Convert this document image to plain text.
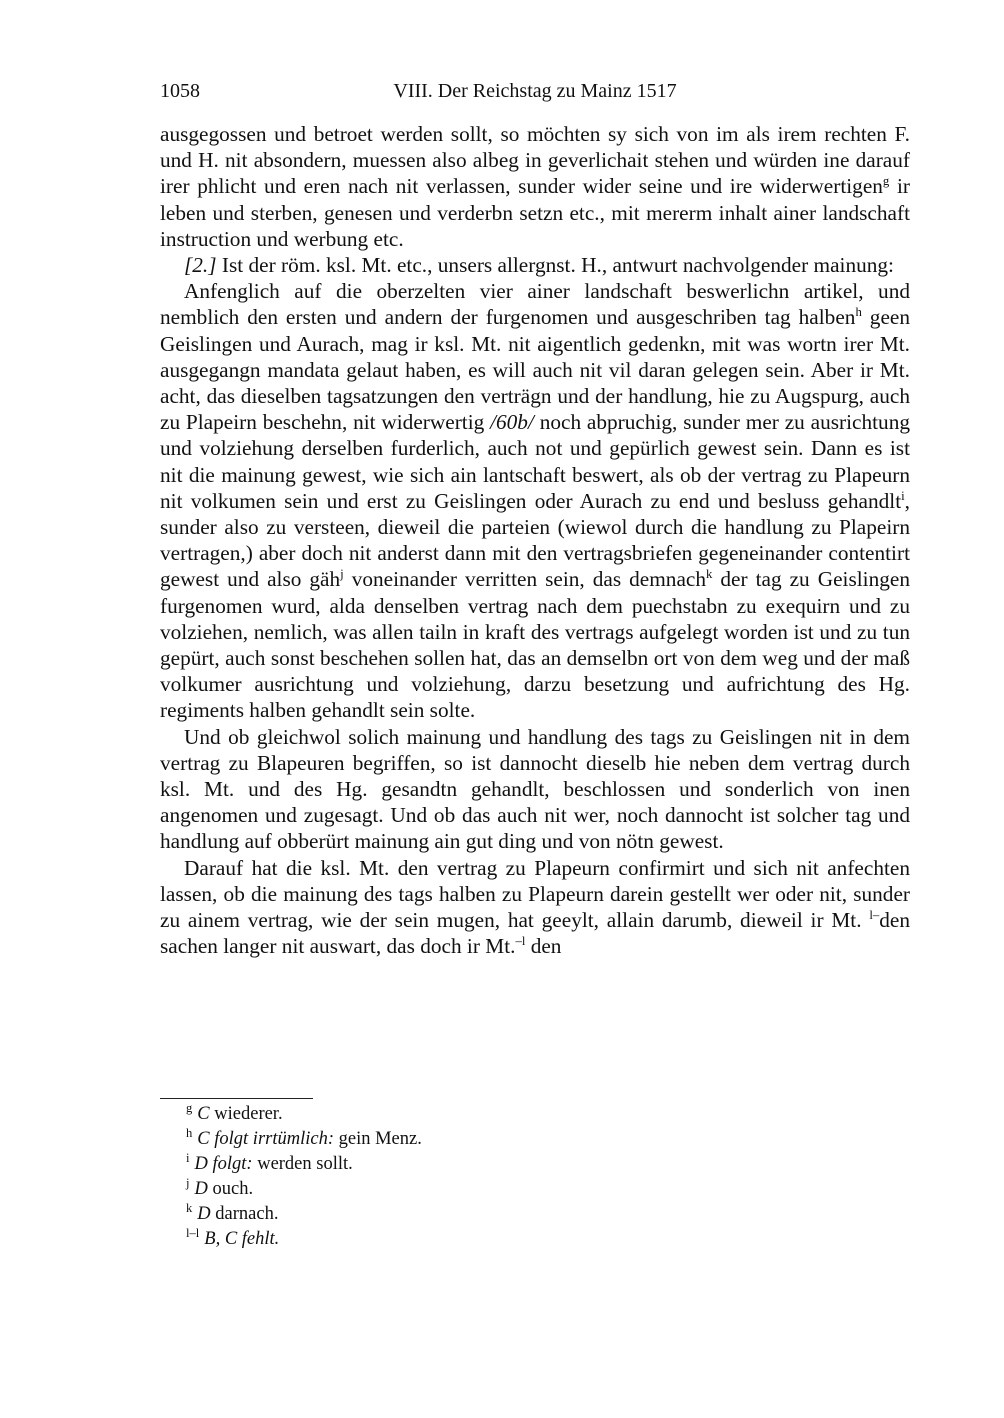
1058	VIII. Der Reichstag zu Mainz 1517

ausgegossen und betroet werden sollt, so möchten sy sich von im als irem rechten F. und H. nit absondern, muessen also albeg in geverlichait stehen und würden ine darauf irer phlicht und eren nach nit verlassen, sunder wider seine und ire widerwertigen$^g$ ir leben und sterben, genesen und verderbn setzn etc., mit mererm inhalt ainer landschaft instruction und werbung etc.

[2.] Ist der röm. ksl. Mt. etc., unsers allergnst. H., antwurt nachvolgender mainung:

Anfenglich auf die oberzelten vier ainer landschaft beswerlichn artikel, und nemblich den ersten und andern der furgenomen und ausgeschriben tag halben$^h$ geen Geislingen und Aurach, mag ir ksl. Mt. nit aigentlich gedenkn, mit was wortn irer Mt. ausgegangn mandata gelaut haben, es will auch nit vil daran gelegen sein. Aber ir Mt. acht, das dieselben tagsatzungen den verträgn und der handlung, hie zu Augspurg, auch zu Plapeirn beschehn, nit widerwertig /60b/ noch abpruchig, sunder mer zu ausrichtung und volziehung derselben furderlich, auch not und gepürlich gewest sein. Dann es ist nit die mainung gewest, wie sich ain lantschaft beswert, als ob der vertrag zu Plapeurn nit volkumen sein und erst zu Geislingen oder Aurach zu end und besluss gehandlt$^i$, sunder also zu versteen, dieweil die parteien (wiewol durch die handlung zu Plapeirn vertragen,) aber doch nit anderst dann mit den vertragsbriefen gegeneinander contentirt gewest und also gäh$^j$ voneinander verritten sein, das demnach$^k$ der tag zu Geislingen furgenomen wurd, alda denselben vertrag nach dem puechstabn zu exequirn und zu volziehen, nemlich, was allen tailn in kraft des vertrags aufgelegt worden ist und zu tun gepürt, auch sonst beschehen sollen hat, das an demselbn ort von dem weg und der maß volkumer ausrichtung und volziehung, darzu besetzung und aufrichtung des Hg. regiments halben gehandlt sein solte.

Und ob gleichwol solich mainung und handlung des tags zu Geislingen nit in dem vertrag zu Blapeuren begriffen, so ist dannocht dieselb hie neben dem vertrag durch ksl. Mt. und des Hg. gesandtn gehandlt, beschlossen und sonderlich von inen angenomen und zugesagt. Und ob das auch nit wer, noch dannocht ist solcher tag und handlung auf obberürt mainung ain gut ding und von nötn gewest.

Darauf hat die ksl. Mt. den vertrag zu Plapeurn confirmirt und sich nit anfechten lassen, ob die mainung des tags halben zu Plapeurn darein gestellt wer oder nit, sunder zu ainem vertrag, wie der sein mugen, hat geeylt, allain darumb, dieweil ir Mt. $^{l-}$den sachen langer nit auswart, das doch ir Mt.$^{-l}$ den

$^g$ C wiederer.
$^h$ C folgt irrtümlich: gein Menz.
$^i$ D folgt: werden sollt.
$^j$ D ouch.
$^k$ D darnach.
$^{l-l}$ B, C fehlt.
